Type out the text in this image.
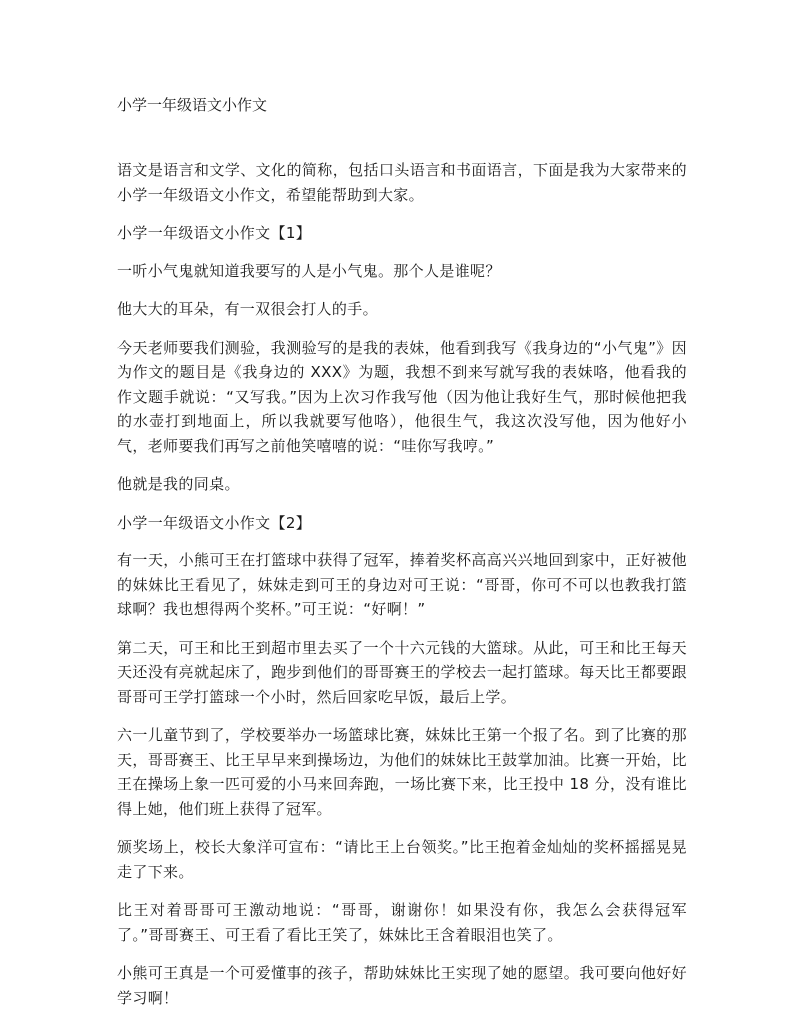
小学一年级语文小作文

语文是语言和文学、文化的简称，包括口头语言和书面语言，下面是我为大家带来的小学一年级语文小作文，希望能帮助到大家。

小学一年级语文小作文【1】

一听小气鬼就知道我要写的人是小气鬼。那个人是谁呢？

他大大的耳朵，有一双很会打人的手。

今天老师要我们测验，我测验写的是我的表妹，他看到我写《我身边的“小气鬼”》因为作文的题目是《我身边的 XXX》为题，我想不到来写就写我的表妹咯，他看我的作文题手就说：“又写我。”因为上次习作我写他（因为他让我好生气，那时候他把我的水壶打到地面上，所以我就要写他咯），他很生气，我这次没写他，因为他好小气，老师要我们再写之前他笑嘻嘻的说：“哇你写我哼。”

他就是我的同桌。

小学一年级语文小作文【2】

有一天，小熊可王在打篮球中获得了冠军，捧着奖杯高高兴兴地回到家中，正好被他的妹妹比王看见了，妹妹走到可王的身边对可王说：“哥哥，你可不可以也教我打篮球啊？我也想得两个奖杯。”可王说：“好啊！”

第二天，可王和比王到超市里去买了一个十六元钱的大篮球。从此，可王和比王每天天还没有亮就起床了，跑步到他们的哥哥赛王的学校去一起打篮球。每天比王都要跟哥哥可王学打篮球一个小时，然后回家吃早饭，最后上学。

六一儿童节到了，学校要举办一场篮球比赛，妹妹比王第一个报了名。到了比赛的那天，哥哥赛王、比王早早来到操场边，为他们的妹妹比王鼓掌加油。比赛一开始，比王在操场上象一匹可爱的小马来回奔跑，一场比赛下来，比王投中 18 分，没有谁比得上她，他们班上获得了冠军。

颁奖场上，校长大象洋可宣布：“请比王上台领奖。”比王抱着金灿灿的奖杯摇摇晃晃走了下来。

比王对着哥哥可王激动地说：“哥哥，谢谢你！如果没有你，我怎么会获得冠军了。”哥哥赛王、可王看了看比王笑了，妹妹比王含着眼泪也笑了。

小熊可王真是一个可爱懂事的孩子，帮助妹妹比王实现了她的愿望。我可要向他好好学习啊！
